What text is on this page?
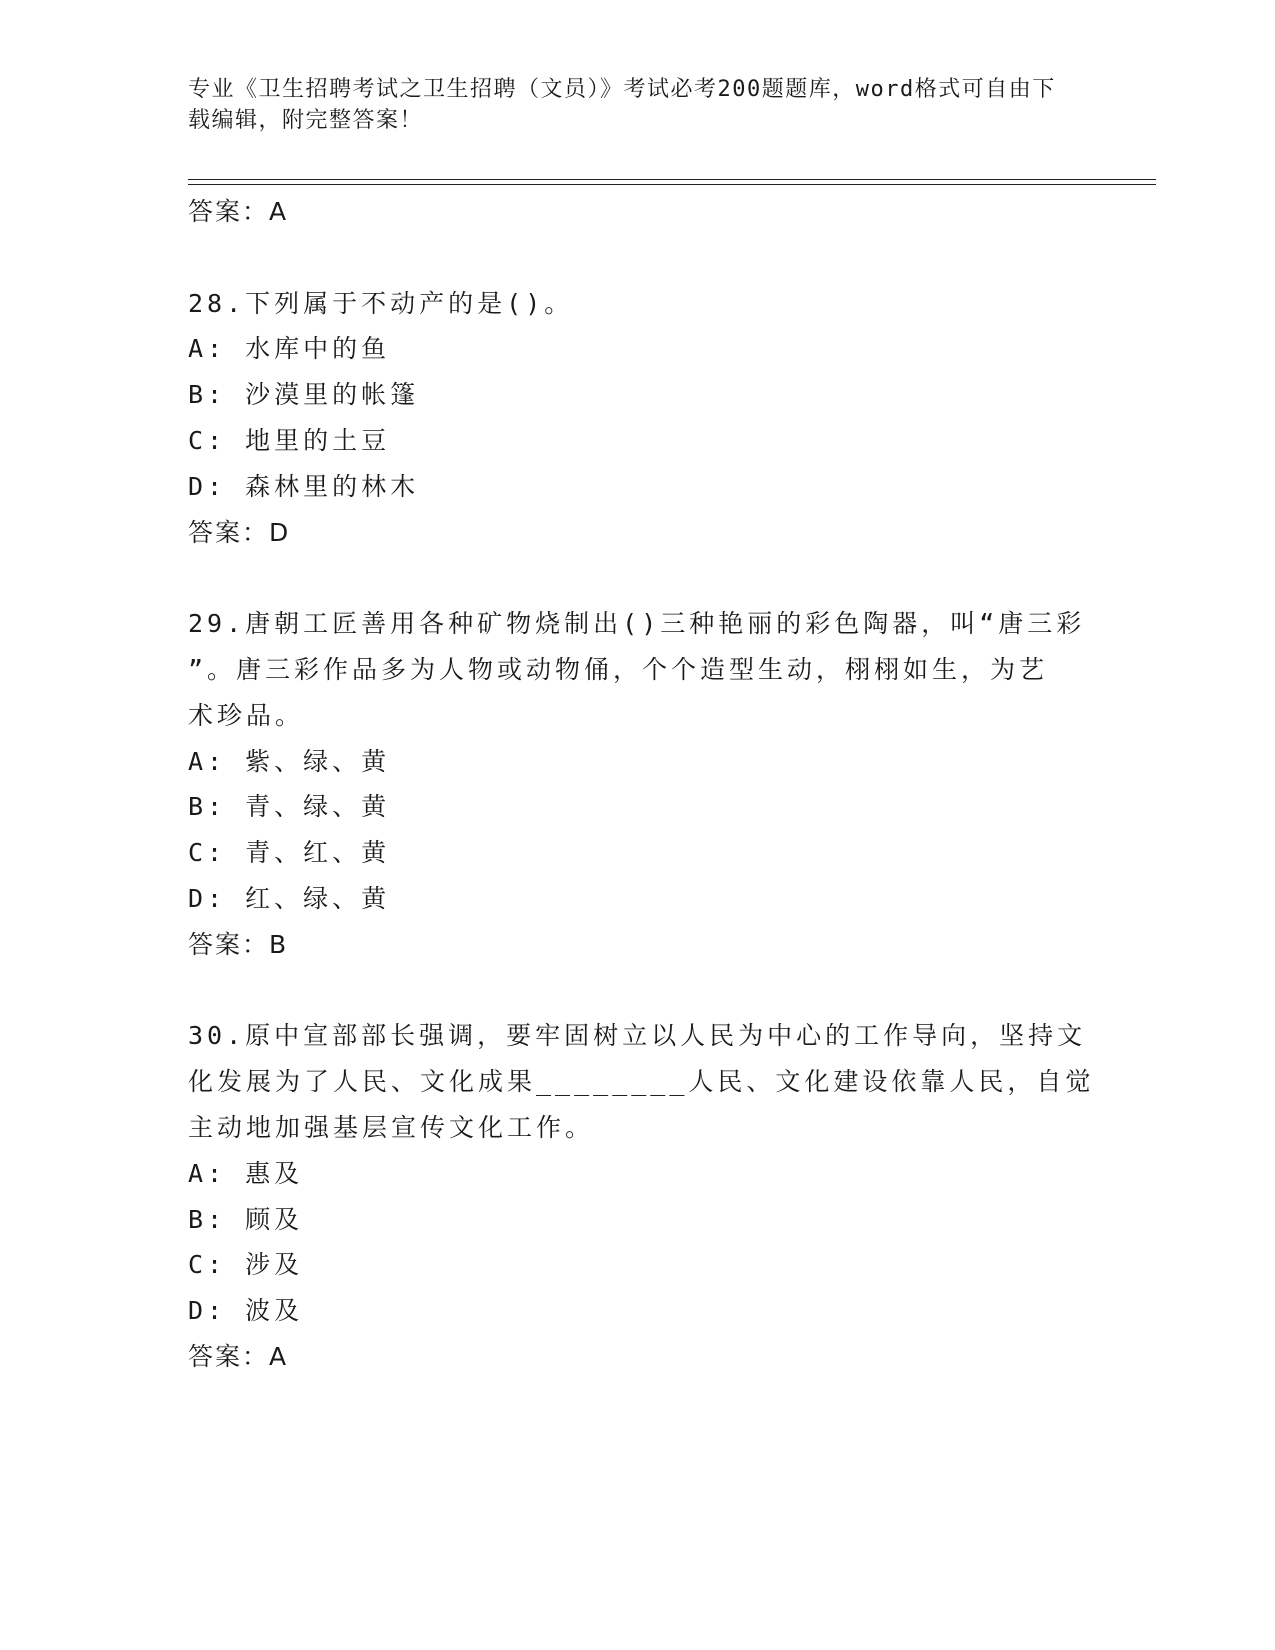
专业《卫生招聘考试之卫生招聘（文员）》考试必考200题题库，word格式可自由下载编辑，附完整答案！
答案：A
28.下列属于不动产的是()。
A: 水库中的鱼
B: 沙漠里的帐篷
C: 地里的土豆
D: 森林里的林木
答案：D
29.唐朝工匠善用各种矿物烧制出()三种艳丽的彩色陶器，叫“唐三彩
”。唐三彩作品多为人物或动物俑，个个造型生动，栩栩如生，为艺
术珍品。
A: 紫、绿、黄
B: 青、绿、黄
C: 青、红、黄
D: 红、绿、黄
答案：B
30.原中宣部部长强调，要牢固树立以人民为中心的工作导向，坚持文
化发展为了人民、文化成果________人民、文化建设依靠人民，自觉
主动地加强基层宣传文化工作。
A: 惠及
B: 顾及
C: 涉及
D: 波及
答案：A
